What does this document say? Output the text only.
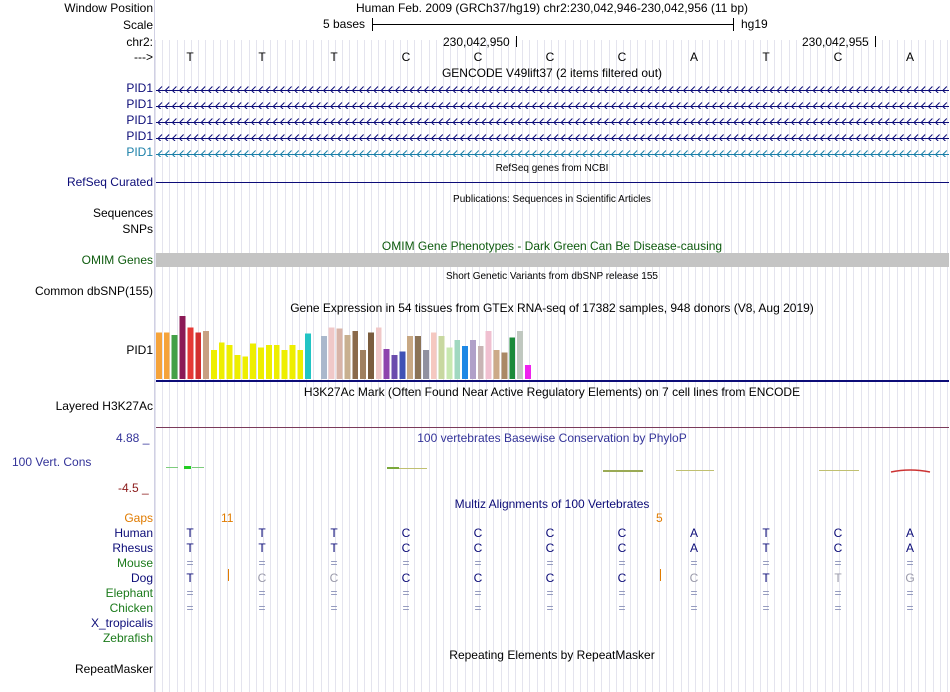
Window Position	Human Feb. 2009 (GRCh37/hg19) chr2:230,042,946-230,042,956 (11 bp)
Scale	5 bases	hg19
chr2:	230,042,950	230,042,955
--->	T	T	T	C	C	C	C	A	T	C	A
GENCODE V49lift37 (2 items filtered out)
PID1
PID1
PID1
PID1
PID1
RefSeq genes from NCBI
RefSeq Curated
Publications: Sequences in Scientific Articles
Sequences
SNPs
OMIM Gene Phenotypes - Dark Green Can Be Disease-causing
OMIM Genes
Short Genetic Variants from dbSNP release 155
Common dbSNP(155)
Gene Expression in 54 tissues from GTEx RNA-seq of 17382 samples, 948 donors (V8, Aug 2019)
PID1
H3K27Ac Mark (Often Found Near Active Regulatory Elements) on 7 cell lines from ENCODE
Layered H3K27Ac
100 vertebrates Basewise Conservation by PhyloP
4.88 _
100 Vert. Cons
-4.5 _
Multiz Alignments of 100 Vertebrates
Gaps	11	5
Human	T	T	T	C	C	C	C	A	T	C	A
Rhesus	T	T	T	C	C	C	C	A	T	C	A
Mouse	=	=	=	=	=	=	=	=	=	=	=
Dog	T	C	C	C	C	C	C	C	T	T	G
Elephant	=	=	=	=	=	=	=	=	=	=	=
Chicken	=	=	=	=	=	=	=	=	=	=	=
X_tropicalis
Zebrafish
Repeating Elements by RepeatMasker
RepeatMasker
